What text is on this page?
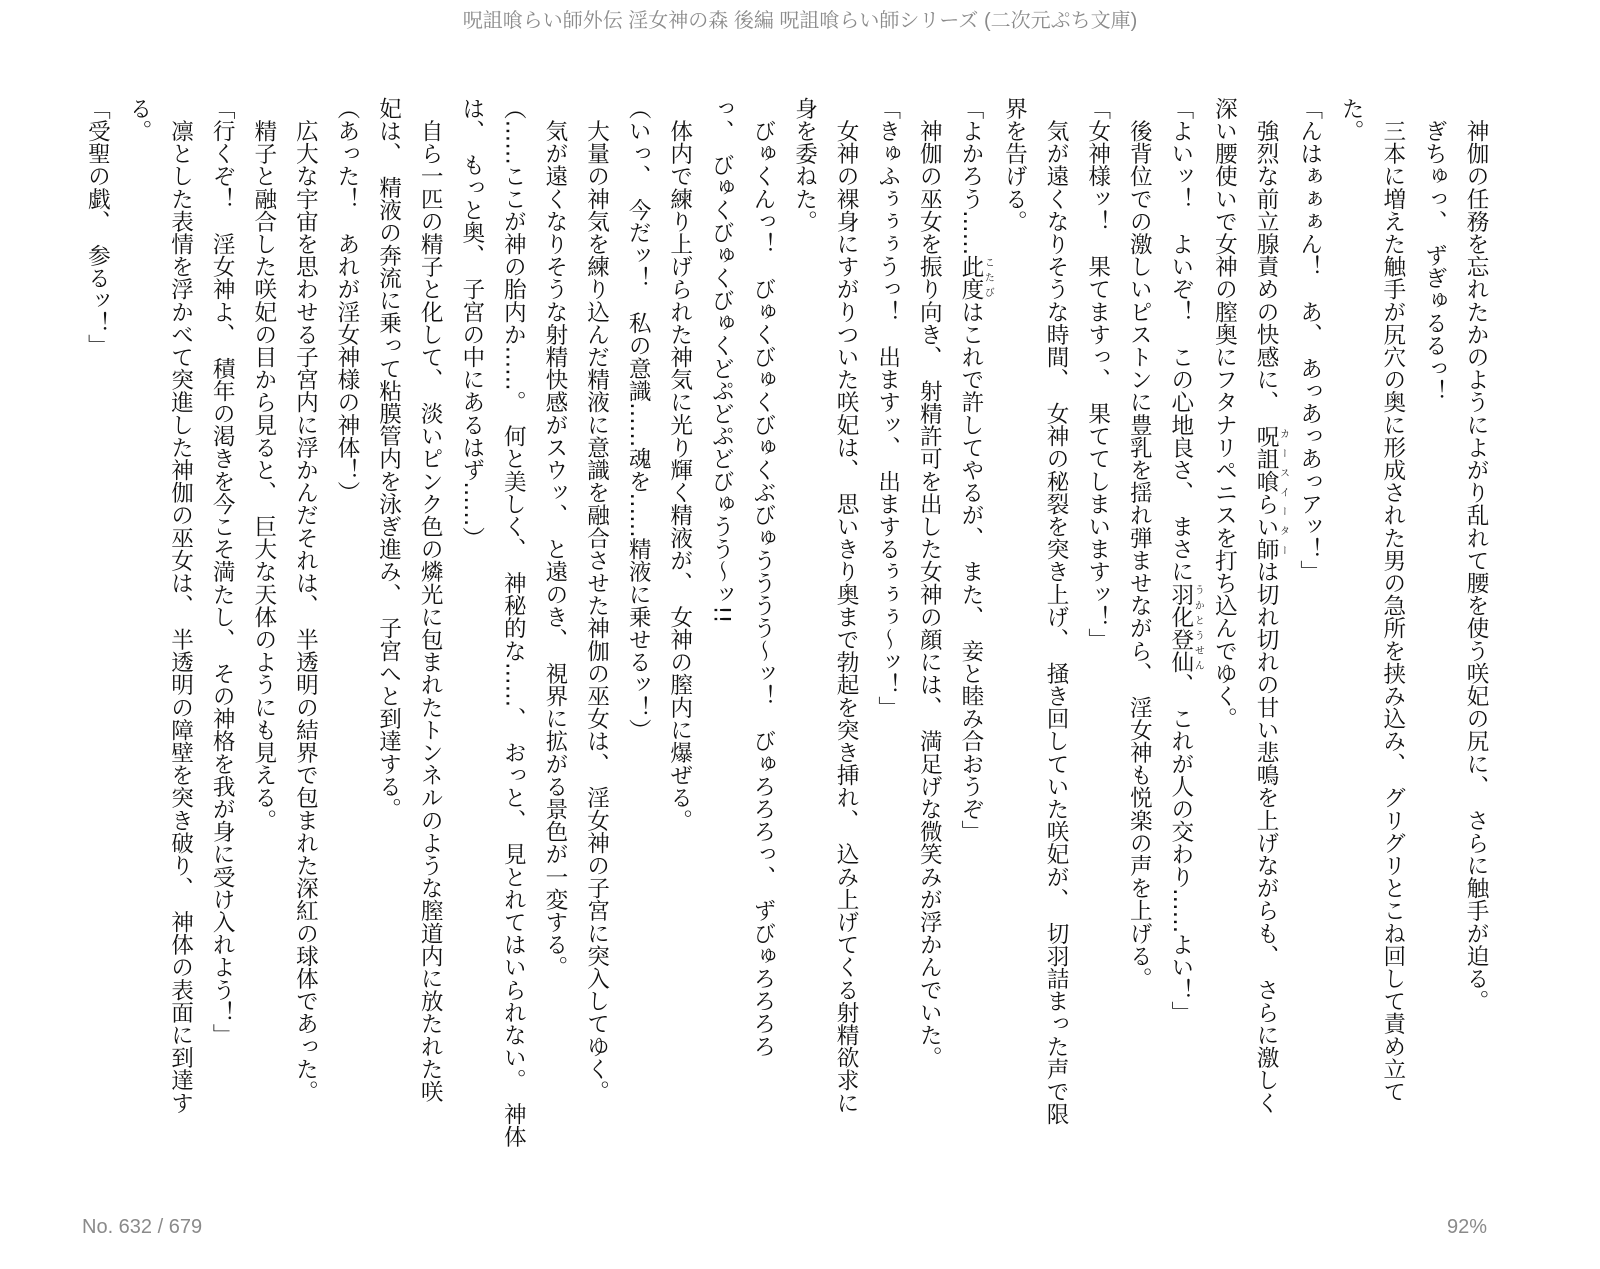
呪詛喰らい師外伝 淫女神の森 後編 呪詛喰らい師シリーズ (二次元ぷち文庫)
　神伽の任務を忘れたかのようによがり乱れて腰を使う咲妃の尻に、　さらに触手が迫る。
　ぎちゅっ、　ずぎゅるるっ！
　三本に増えた触手が尻穴の奥に形成された男の急所を挟み込み、　グリグリとこね回して責め立て
た。
「んはぁぁぁん！　あ、　あっあっあっアッ！」
　強烈な前立腺責めの快感に、　呪詛喰らい師カースイーターは切れ切れの甘い悲鳴を上げながらも、　さらに激しく
深い腰使いで女神の膣奥にフタナリペニスを打ち込んでゆく。
「よいッ！　よいぞ！　この心地良さ、　まさに羽化登仙うかとうせん、　これが人の交わり……よい！」
　後背位での激しいピストンに豊乳を揺れ弾ませながら、　淫女神も悦楽の声を上げる。
「女神様ッ！　果てますっ、　果ててしまいますッ！」
　気が遠くなりそうな時間、　女神の秘裂を突き上げ、　掻き回していた咲妃が、　切羽詰まった声で限
界を告げる。
「よかろう……此度こたびはこれで許してやるが、　また、　妾と睦み合おうぞ」
　神伽の巫女を振り向き、　射精許可を出した女神の顔には、　満足げな微笑みが浮かんでいた。
「きゅふぅぅぅうっ！　出ますッ、　出まするぅぅぅ～ッ！」
　女神の裸身にすがりついた咲妃は、　思いきり奥まで勃起を突き挿れ、　込み上げてくる射精欲求に
身を委ねた。
　びゅくんっ！　びゅくびゅくびゅくぶびゅうううう～ッ！　びゅろろろっ、　ずびゅろろろろ
っ、　びゅくびゅくびゅくどぷどぷどびゅうう～ッ!!
　体内で練り上げられた神気に光り輝く精液が、　女神の膣内に爆ぜる。
（いっ、　今だッ！　私の意識……魂を……精液に乗せるッ！）
　大量の神気を練り込んだ精液に意識を融合させた神伽の巫女は、　淫女神の子宮に突入してゆく。
　気が遠くなりそうな射精快感がスウッ、　と遠のき、　視界に拡がる景色が一変する。
（……ここが神の胎内か……。　何と美しく、　神秘的な……、　おっと、　見とれてはいられない。　神体
は、　もっと奥、　子宮の中にあるはず……）
　自ら一匹の精子と化して、　淡いピンク色の燐光に包まれたトンネルのような膣道内に放たれた咲
妃は、　精液の奔流に乗って粘膜管内を泳ぎ進み、　子宮へと到達する。
（あった！　あれが淫女神様の神体！）
　広大な宇宙を思わせる子宮内に浮かんだそれは、　半透明の結界で包まれた深紅の球体であった。
　精子と融合した咲妃の目から見ると、　巨大な天体のようにも見える。
「行くぞ！　淫女神よ、　積年の渇きを今こそ満たし、　その神格を我が身に受け入れよう！」
　凛とした表情を浮かべて突進した神伽の巫女は、　半透明の障壁を突き破り、　神体の表面に到達す
る。
「受聖の戯、　参るッ！」
No. 632 / 679	92%
